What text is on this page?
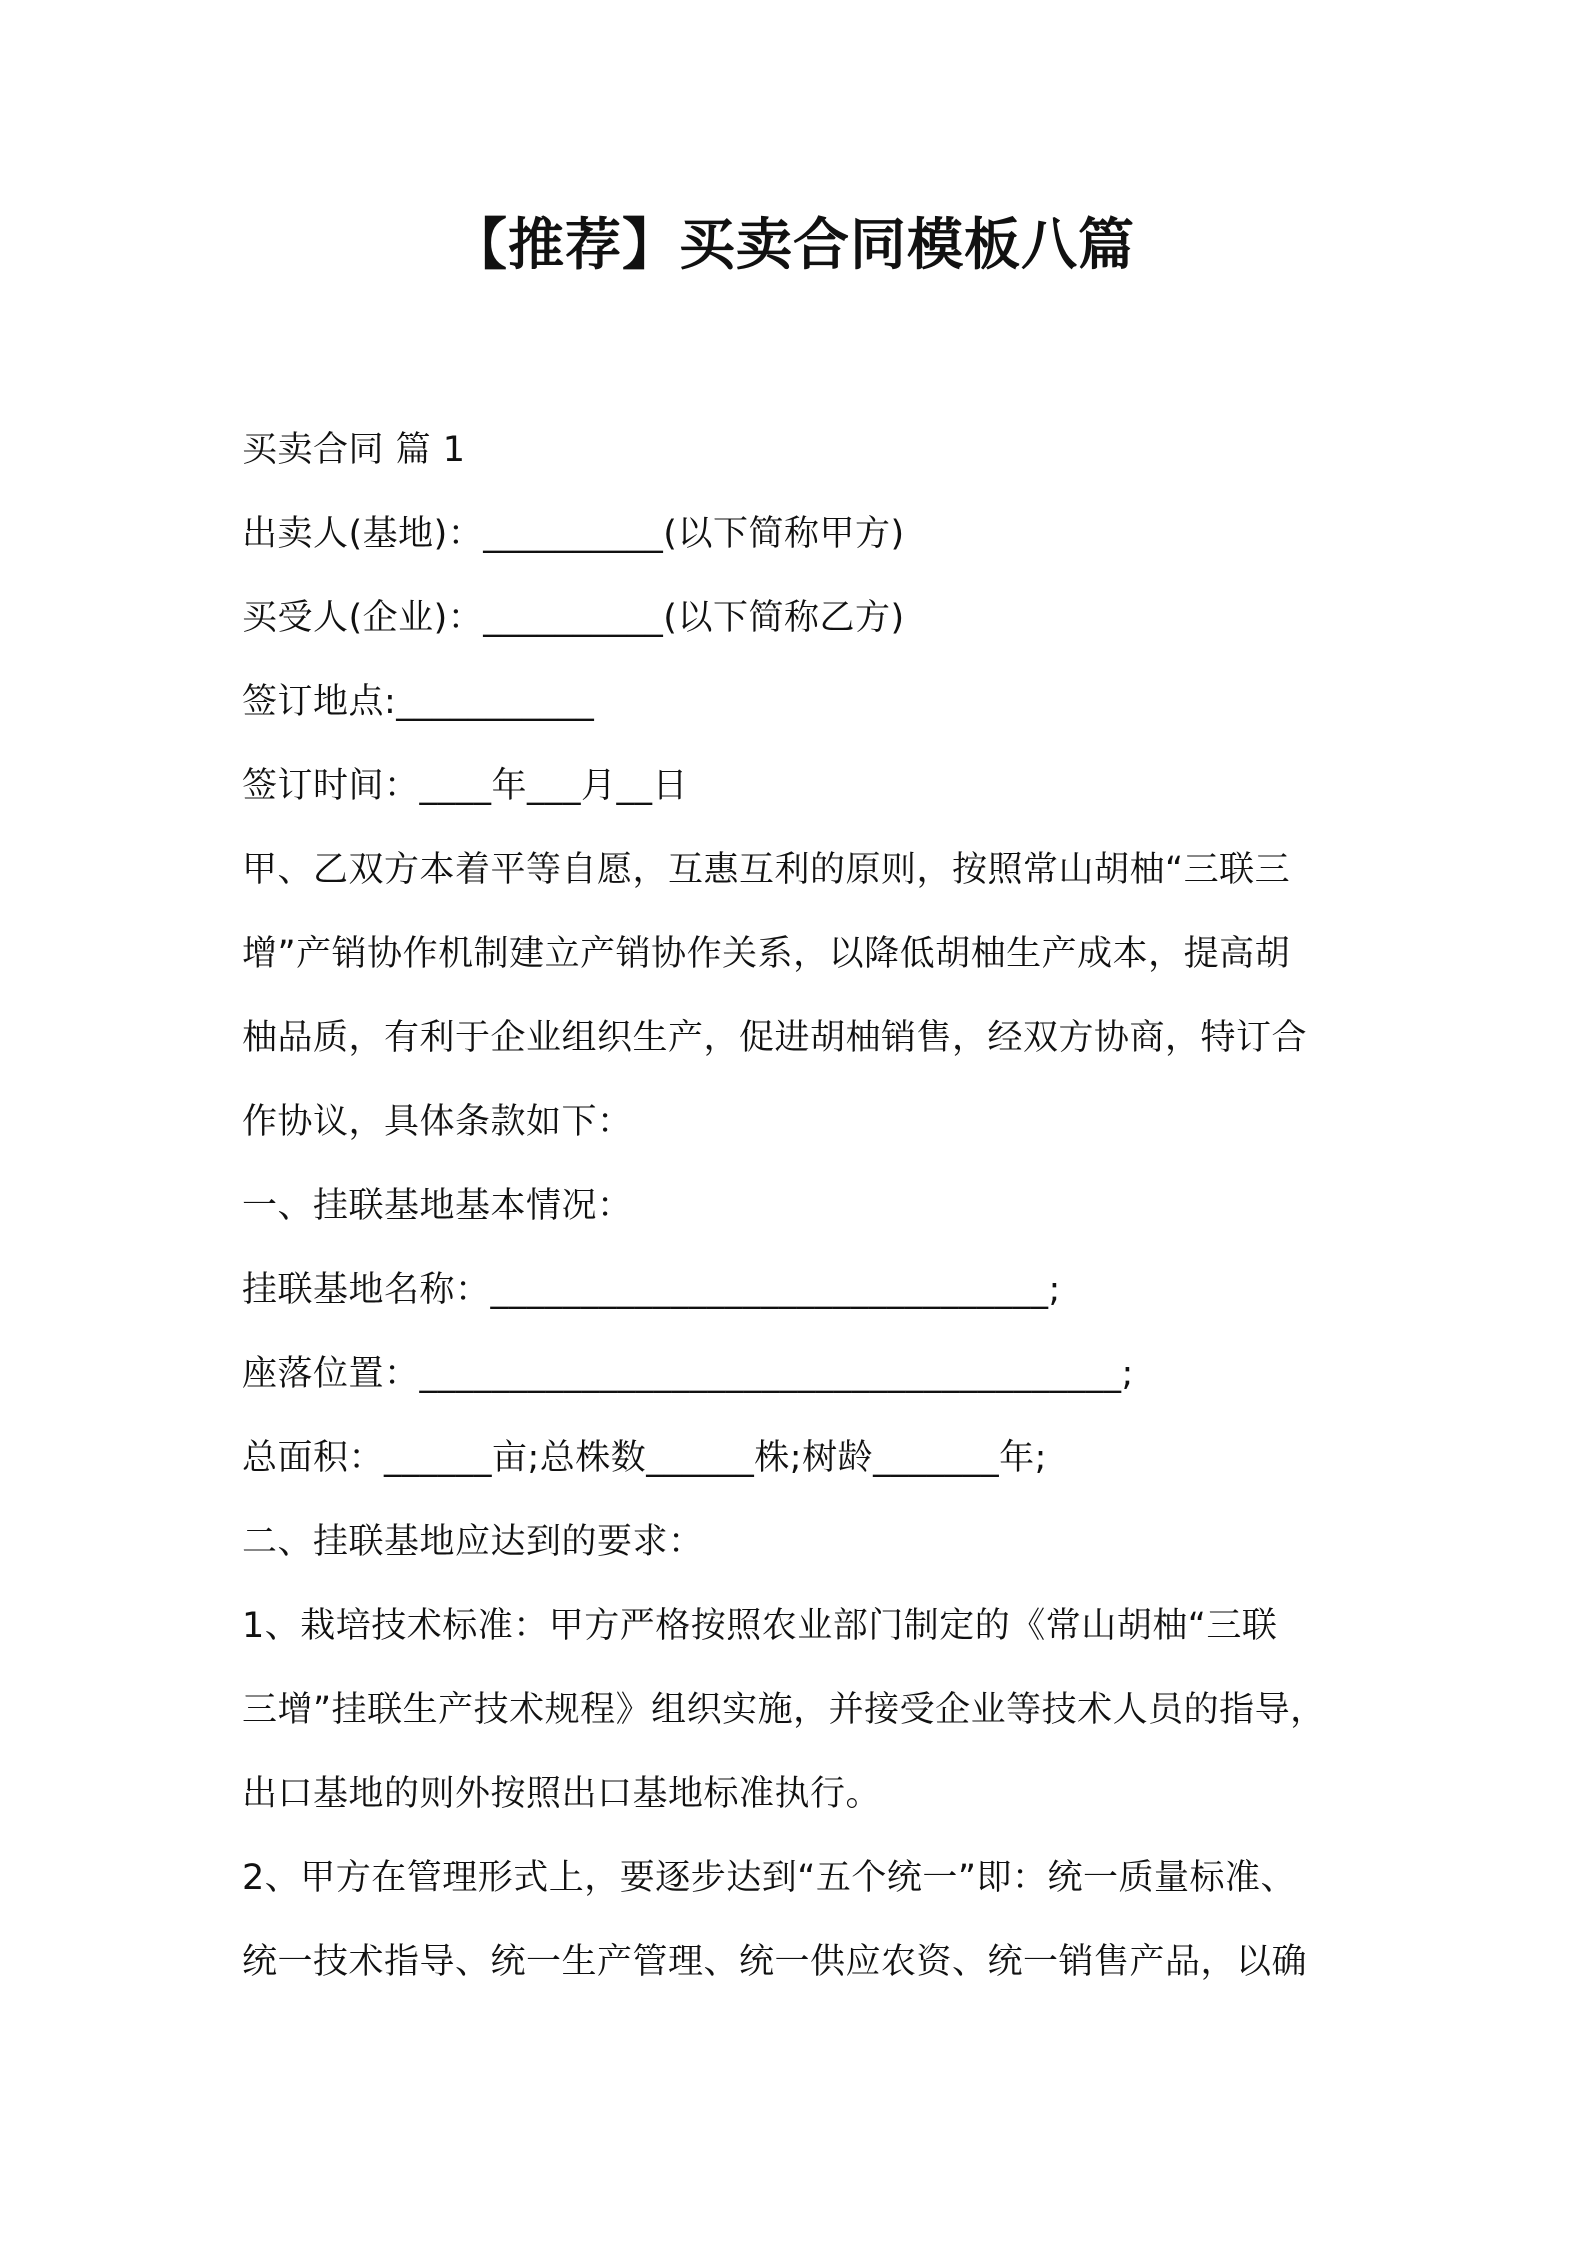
【推荐】买卖合同模板八篇
买卖合同 篇 1
出卖人(基地)：__________(以下简称甲方)
买受人(企业)：__________(以下简称乙方)
签订地点:___________
签订时间：____年___月__日
甲、乙双方本着平等自愿，互惠互利的原则，按照常山胡柚“三联三
增”产销协作机制建立产销协作关系，以降低胡柚生产成本，提高胡
柚品质，有利于企业组织生产，促进胡柚销售，经双方协商，特订合
作协议，具体条款如下：
一、挂联基地基本情况：
挂联基地名称：_______________________________;
座落位置：_______________________________________;
总面积：______亩;总株数______株;树龄_______年;
二、挂联基地应达到的要求：
1、栽培技术标准：甲方严格按照农业部门制定的《常山胡柚“三联
三增”挂联生产技术规程》组织实施，并接受企业等技术人员的指导，
出口基地的则外按照出口基地标准执行。
2、甲方在管理形式上，要逐步达到“五个统一”即：统一质量标准、
统一技术指导、统一生产管理、统一供应农资、统一销售产品，以确
